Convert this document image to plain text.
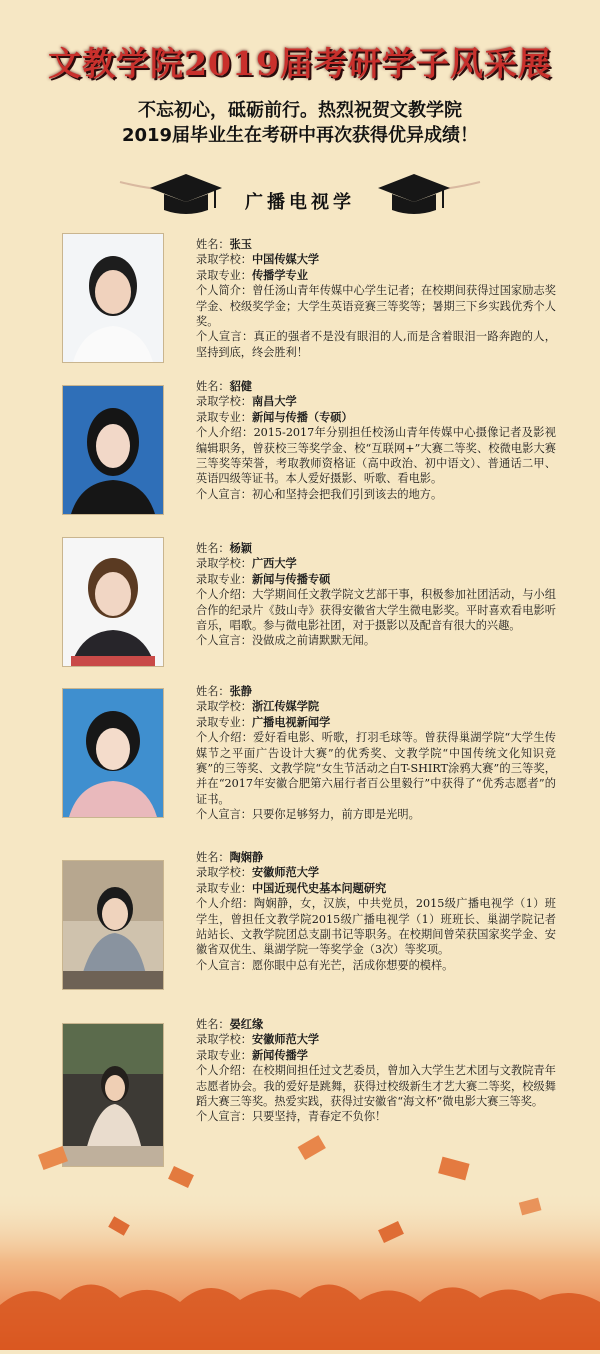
文教学院2019届考研学子风采展
不忘初心，砥砺前行。热烈祝贺文教学院
2019届毕业生在考研中再次获得优异成绩！
广播电视学
姓名：张玉
录取学校：中国传媒大学
录取专业：传播学专业
个人简介：曾任汤山青年传媒中心学生记者；在校期间获得过国家励志奖学金、校级奖学金；大学生英语竞赛三等奖等；暑期三下乡实践优秀个人奖。
个人宣言：真正的强者不是没有眼泪的人,而是含着眼泪一路奔跑的人，坚持到底，终会胜利！
姓名：貂健
录取学校：南昌大学
录取专业：新闻与传播（专硕）
个人介绍：2015-2017年分别担任校汤山青年传媒中心摄像记者及影视编辑职务，曾获校三等奖学金、校“互联网+”大赛二等奖、校微电影大赛三等奖等荣誉，考取教师资格证（高中政治、初中语文）、普通话二甲、英语四级等证书。本人爱好摄影、听歌、看电影。
个人宣言：初心和坚持会把我们引到该去的地方。
姓名：杨颖
录取学校：广西大学
录取专业：新闻与传播专硕
个人介绍：大学期间任文教学院文艺部干事，积极参加社团活动，与小组合作的纪录片《鼓山寺》获得安徽省大学生微电影奖。平时喜欢看电影听音乐，唱歌。参与微电影社团，对于摄影以及配音有很大的兴趣。
个人宣言：没做成之前请默默无闻。
姓名：张静
录取学校：浙江传媒学院
录取专业：广播电视新闻学
个人介绍：爱好看电影、听歌，打羽毛球等。曾获得巢湖学院“大学生传媒节之平面广告设计大赛”的优秀奖、文教学院“中国传统文化知识竞赛”的三等奖、文教学院“女生节活动之白T-SHIRT涂鸦大赛”的三等奖，并在“2017年安徽合肥第六届行者百公里毅行”中获得了“优秀志愿者”的证书。
个人宣言：只要你足够努力，前方即是光明。
姓名：陶娴静
录取学校：安徽师范大学
录取专业：中国近现代史基本问题研究
个人介绍：陶娴静，女，汉族，中共党员，2015级广播电视学（1）班学生，曾担任文教学院2015级广播电视学（1）班班长、巢湖学院记者站站长、文教学院团总支副书记等职务。在校期间曾荣获国家奖学金、安徽省双优生、巢湖学院一等奖学金（3次）等奖项。
个人宣言：愿你眼中总有光芒，活成你想要的模样。
姓名：晏红缘
录取学校：安徽师范大学
录取专业：新闻传播学
个人介绍：在校期间担任过文艺委员，曾加入大学生艺术团与文教院青年志愿者协会。我的爱好是跳舞，获得过校级新生才艺大赛二等奖，校级舞蹈大赛三等奖。热爱实践，获得过安徽省“海文杯”微电影大赛三等奖。
个人宣言：只要坚持，青春定不负你！
